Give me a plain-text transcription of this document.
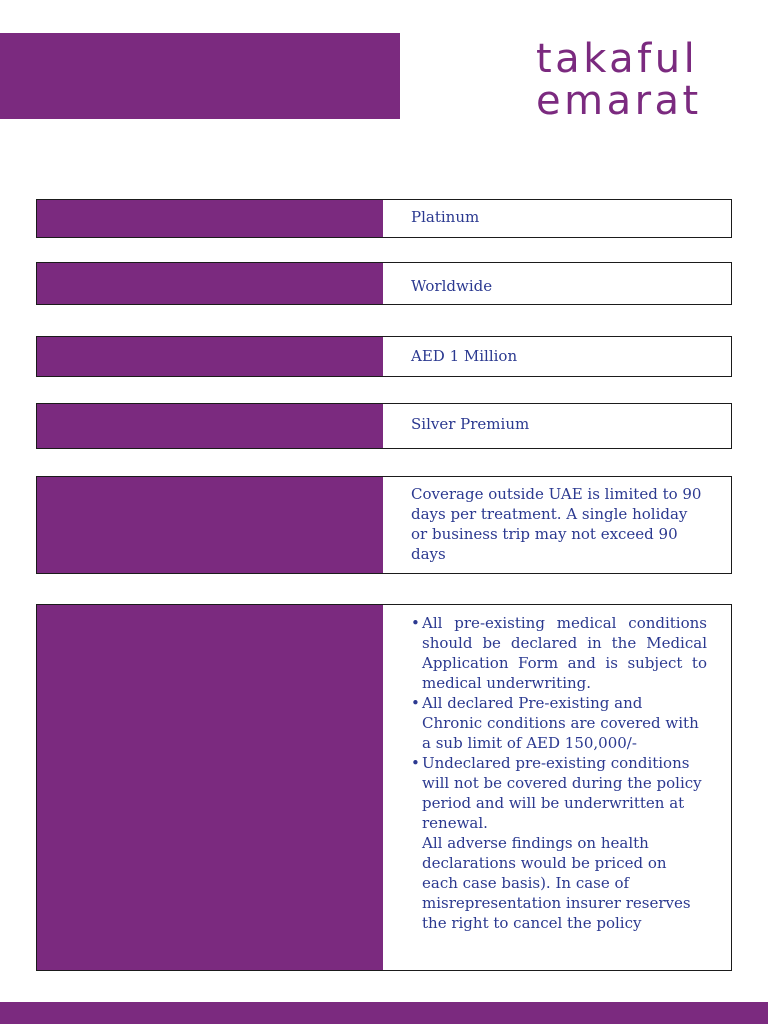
takaful
emarat
Platinum
Worldwide
AED 1 Million
Silver Premium
Coverage outside UAE is limited to 90 days per treatment. A single holiday or business trip may not exceed 90 days
• All pre-existing medical conditions should be declared in the Medical Application Form and is subject to medical underwriting.
• All declared Pre-existing and Chronic conditions are covered with a sub limit of AED 150,000/-
• Undeclared pre-existing conditions will not be covered during the policy period and will be underwritten at renewal.
All adverse findings on health declarations would be priced on each case basis). In case of misrepresentation insurer reserves the right to cancel the policy
